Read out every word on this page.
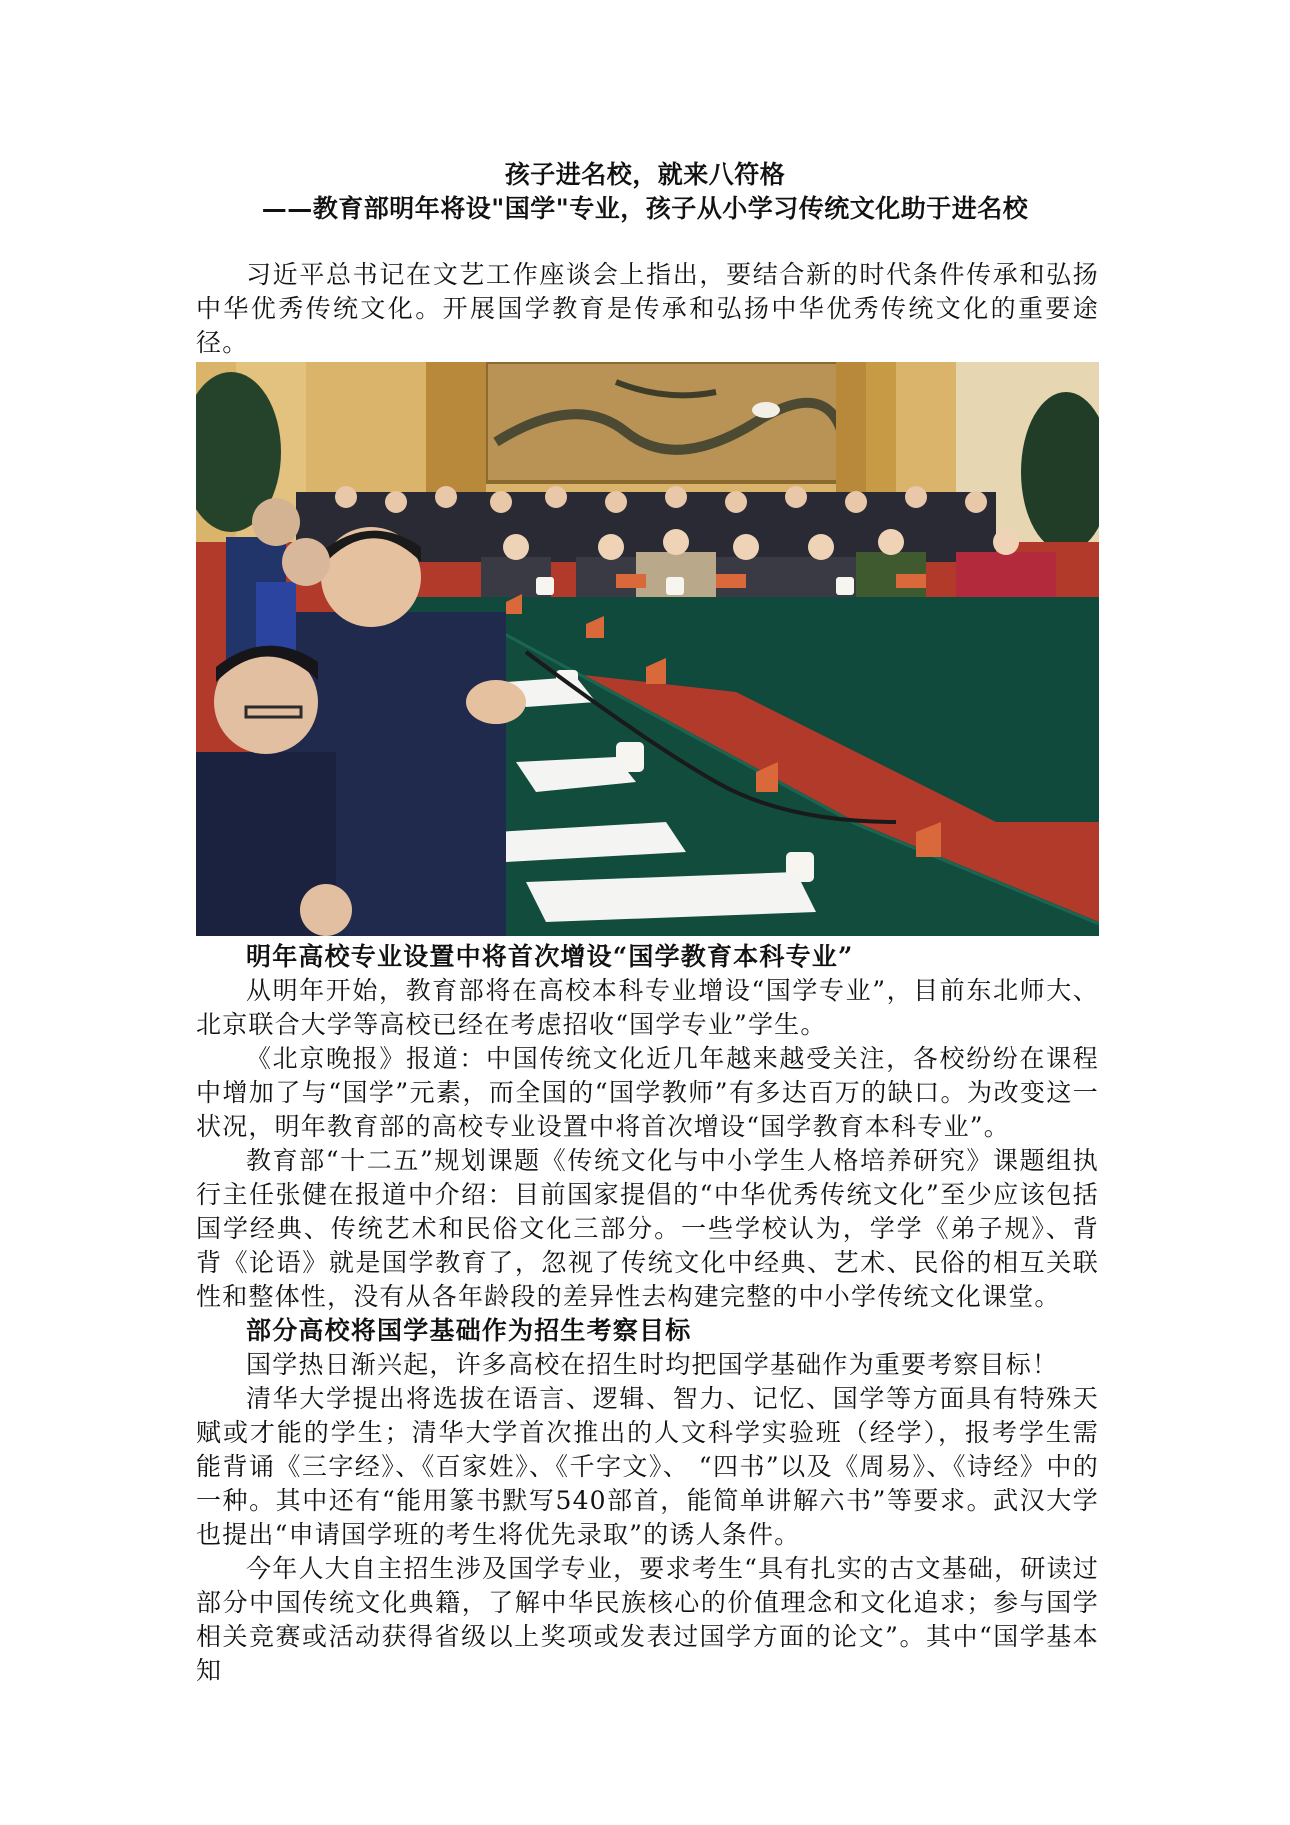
孩子进名校，就来八符格
——教育部明年将设"国学"专业，孩子从小学习传统文化助于进名校

习近平总书记在文艺工作座谈会上指出，要结合新的时代条件传承和弘扬中华优秀传统文化。开展国学教育是传承和弘扬中华优秀传统文化的重要途径。

明年高校专业设置中将首次增设“国学教育本科专业”

从明年开始，教育部将在高校本科专业增设“国学专业”，目前东北师大、北京联合大学等高校已经在考虑招收“国学专业”学生。

《北京晚报》报道：中国传统文化近几年越来越受关注，各校纷纷在课程中增加了与“国学”元素，而全国的“国学教师”有多达百万的缺口。为改变这一状况，明年教育部的高校专业设置中将首次增设“国学教育本科专业”。

教育部“十二五”规划课题《传统文化与中小学生人格培养研究》课题组执行主任张健在报道中介绍：目前国家提倡的“中华优秀传统文化”至少应该包括国学经典、传统艺术和民俗文化三部分。一些学校认为，学学《弟子规》、背背《论语》就是国学教育了，忽视了传统文化中经典、艺术、民俗的相互关联性和整体性，没有从各年龄段的差异性去构建完整的中小学传统文化课堂。

部分高校将国学基础作为招生考察目标

国学热日渐兴起，许多高校在招生时均把国学基础作为重要考察目标！

清华大学提出将选拔在语言、逻辑、智力、记忆、国学等方面具有特殊天赋或才能的学生；清华大学首次推出的人文科学实验班（经学），报考学生需能背诵《三字经》、《百家姓》、《千字文》、 “四书”以及《周易》、《诗经》中的一种。其中还有“能用篆书默写540部首，能简单讲解六书”等要求。武汉大学也提出“申请国学班的考生将优先录取”的诱人条件。

今年人大自主招生涉及国学专业，要求考生“具有扎实的古文基础，研读过部分中国传统文化典籍，了解中华民族核心的价值理念和文化追求；参与国学相关竞赛或活动获得省级以上奖项或发表过国学方面的论文”。其中“国学基本知
